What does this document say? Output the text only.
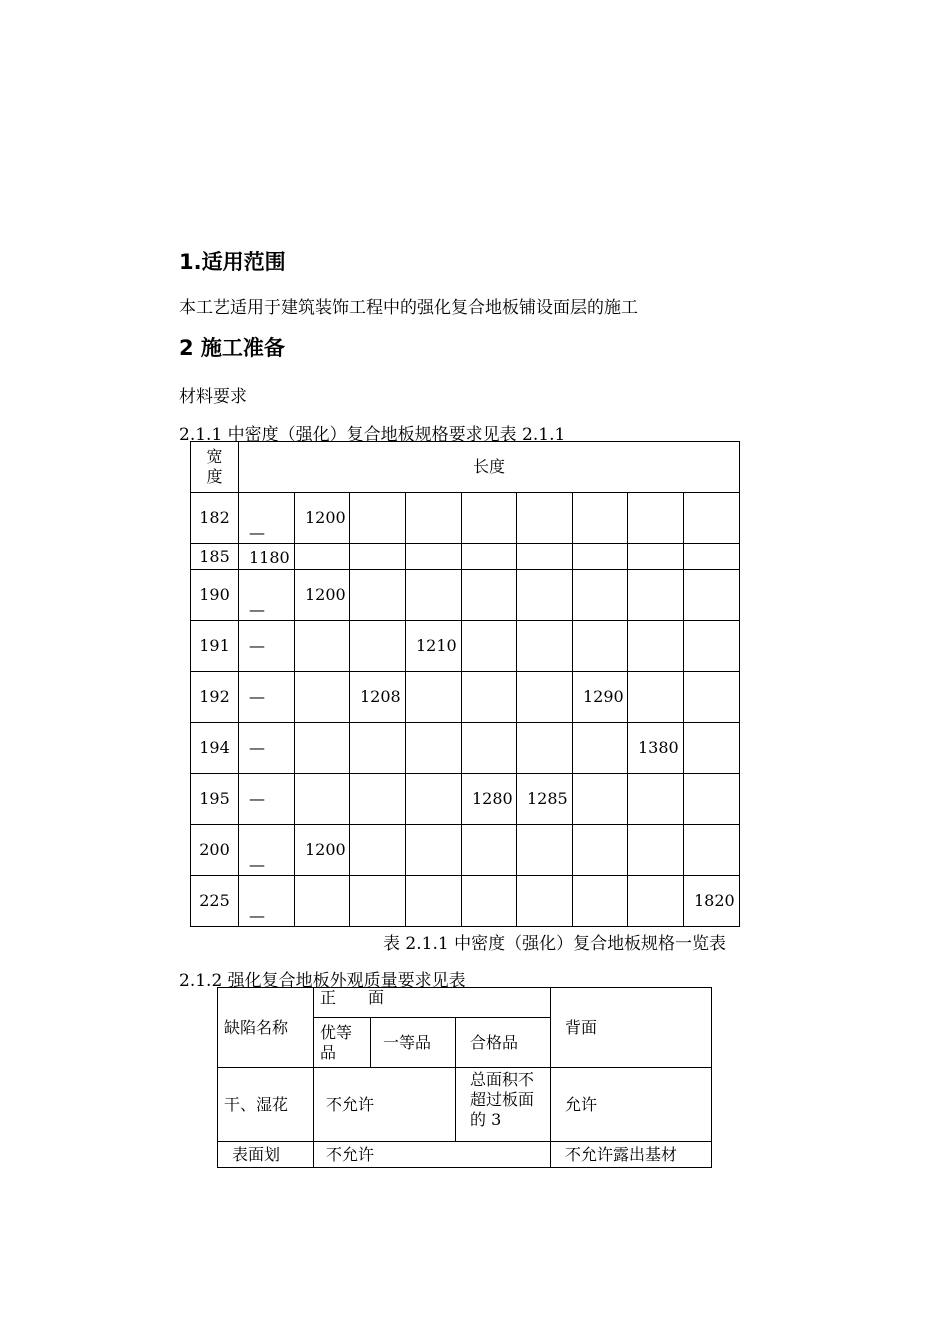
1.适用范围
本工艺适用于建筑装饰工程中的强化复合地板铺设面层的施工
2 施工准备
材料要求
2.1.1 中密度（强化）复合地板规格要求见表 2.1.1
宽度	长度								
182	—	1200							
185	1180								
190	—	1200							
191	—			1210					
192	—		1208				1290		
194	—							1380	
195	—				1280	1285			
200	—	1200							
225	—								1820
表 2.1.1 中密度（强化）复合地板规格一览表
2.1.2 强化复合地板外观质量要求见表
缺陷名称	正　　面			背面
	优等品	一等品	合格品	
干、湿花	不允许		总面积不超过板面的 3	允许
表面划	不允许			不允许露出基材
